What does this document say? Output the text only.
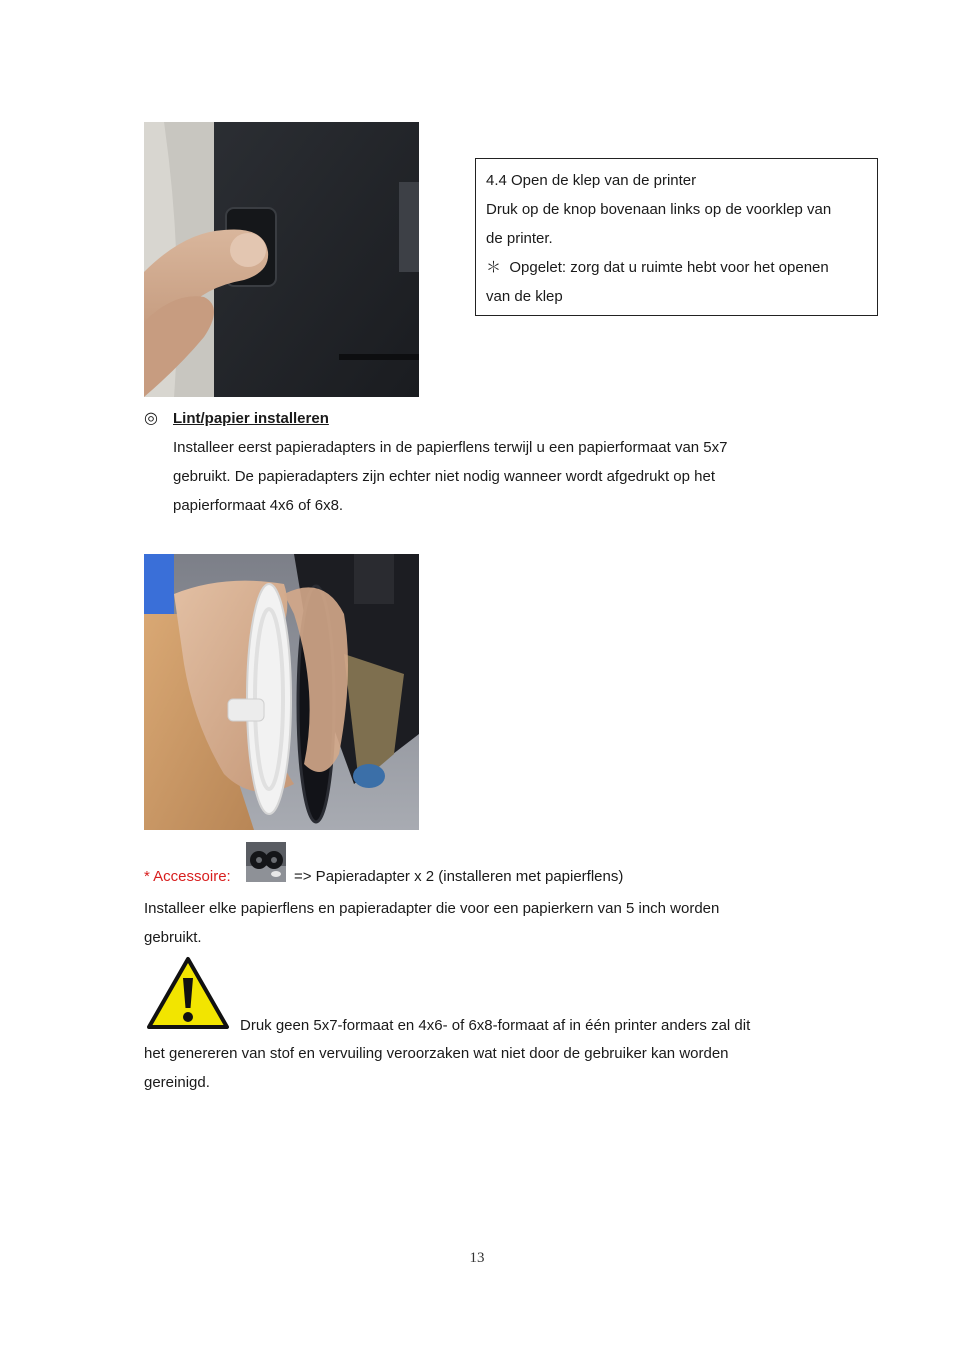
4.4 Open de klep van de printer
Druk op de knop bovenaan links op de voorklep van
de printer.
＊ Opgelet: zorg dat u ruimte hebt voor het openen
van de klep
◎ Lint/papier installeren
Installeer eerst papieradapters in de papierflens terwijl u een papierformaat van 5x7
gebruikt. De papieradapters zijn echter niet nodig wanneer wordt afgedrukt op het
papierformaat 4x6 of 6x8.
* Accessoire:	=> Papieradapter x 2 (installeren met papierflens)
Installeer elke papierflens en papieradapter die voor een papierkern van 5 inch worden
gebruikt.
Druk geen 5x7-formaat en 4x6- of 6x8-formaat af in één printer anders zal dit
het genereren van stof en vervuiling veroorzaken wat niet door de gebruiker kan worden
gereinigd.
13
